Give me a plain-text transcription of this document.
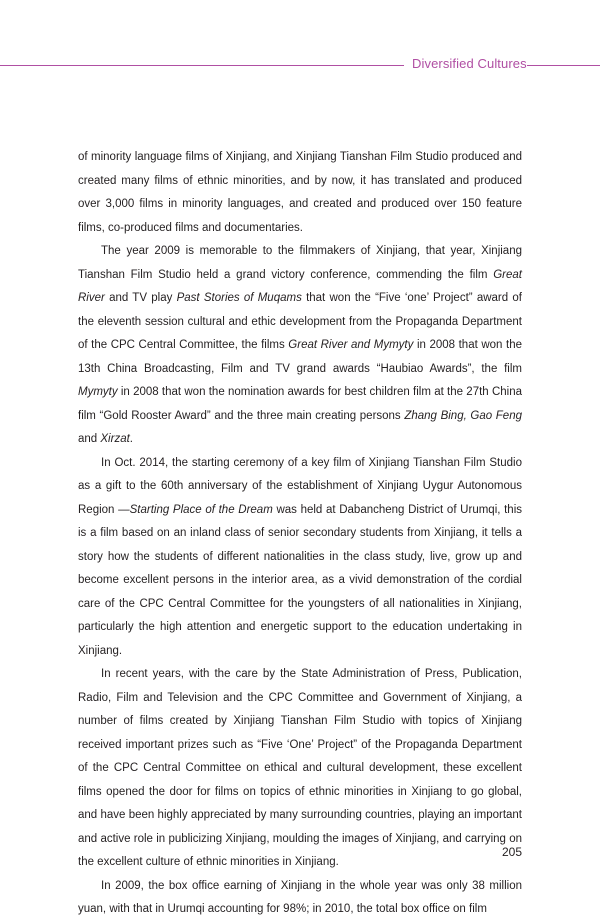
Diversified Cultures

of minority language films of Xinjiang, and Xinjiang Tianshan Film Studio produced and created many films of ethnic minorities, and by now, it has translated and produced over 3,000 films in minority languages, and created and produced over 150 feature films, co-produced films and documentaries.

The year 2009 is memorable to the filmmakers of Xinjiang, that year, Xinjiang Tianshan Film Studio held a grand victory conference, commending the film Great River and TV play Past Stories of Muqams that won the “Five ‘one’ Project” award of the eleventh session cultural and ethic development from the Propaganda Department of the CPC Central Committee, the films Great River and Mymyty in 2008 that won the 13th China Broadcasting, Film and TV grand awards “Haubiao Awards”, the film Mymyty in 2008 that won the nomination awards for best children film at the 27th China film “Gold Rooster Award” and the three main creating persons Zhang Bing, Gao Feng and Xirzat.

In Oct. 2014, the starting ceremony of a key film of Xinjiang Tianshan Film Studio as a gift to the 60th anniversary of the establishment of Xinjiang Uygur Autonomous Region —Starting Place of the Dream was held at Dabancheng District of Urumqi, this is a film based on an inland class of senior secondary students from Xinjiang, it tells a story how the students of different nationalities in the class study, live, grow up and become excellent persons in the interior area, as a vivid demonstration of the cordial care of the CPC Central Committee for the youngsters of all nationalities in Xinjiang, particularly the high attention and energetic support to the education undertaking in Xinjiang.

In recent years, with the care by the State Administration of Press, Publication, Radio, Film and Television and the CPC Committee and Government of Xinjiang, a number of films created by Xinjiang Tianshan Film Studio with topics of Xinjiang received important prizes such as “Five ‘One’ Project” of the Propaganda Department of the CPC Central Committee on ethical and cultural development, these excellent films opened the door for films on topics of ethnic minorities in Xinjiang to go global, and have been highly appreciated by many surrounding countries, playing an important and active role in publicizing Xinjiang, moulding the images of Xinjiang, and carrying on the excellent culture of ethnic minorities in Xinjiang.

In 2009, the box office earning of Xinjiang in the whole year was only 38 million yuan, with that in Urumqi accounting for 98%; in 2010, the total box office on film

205
